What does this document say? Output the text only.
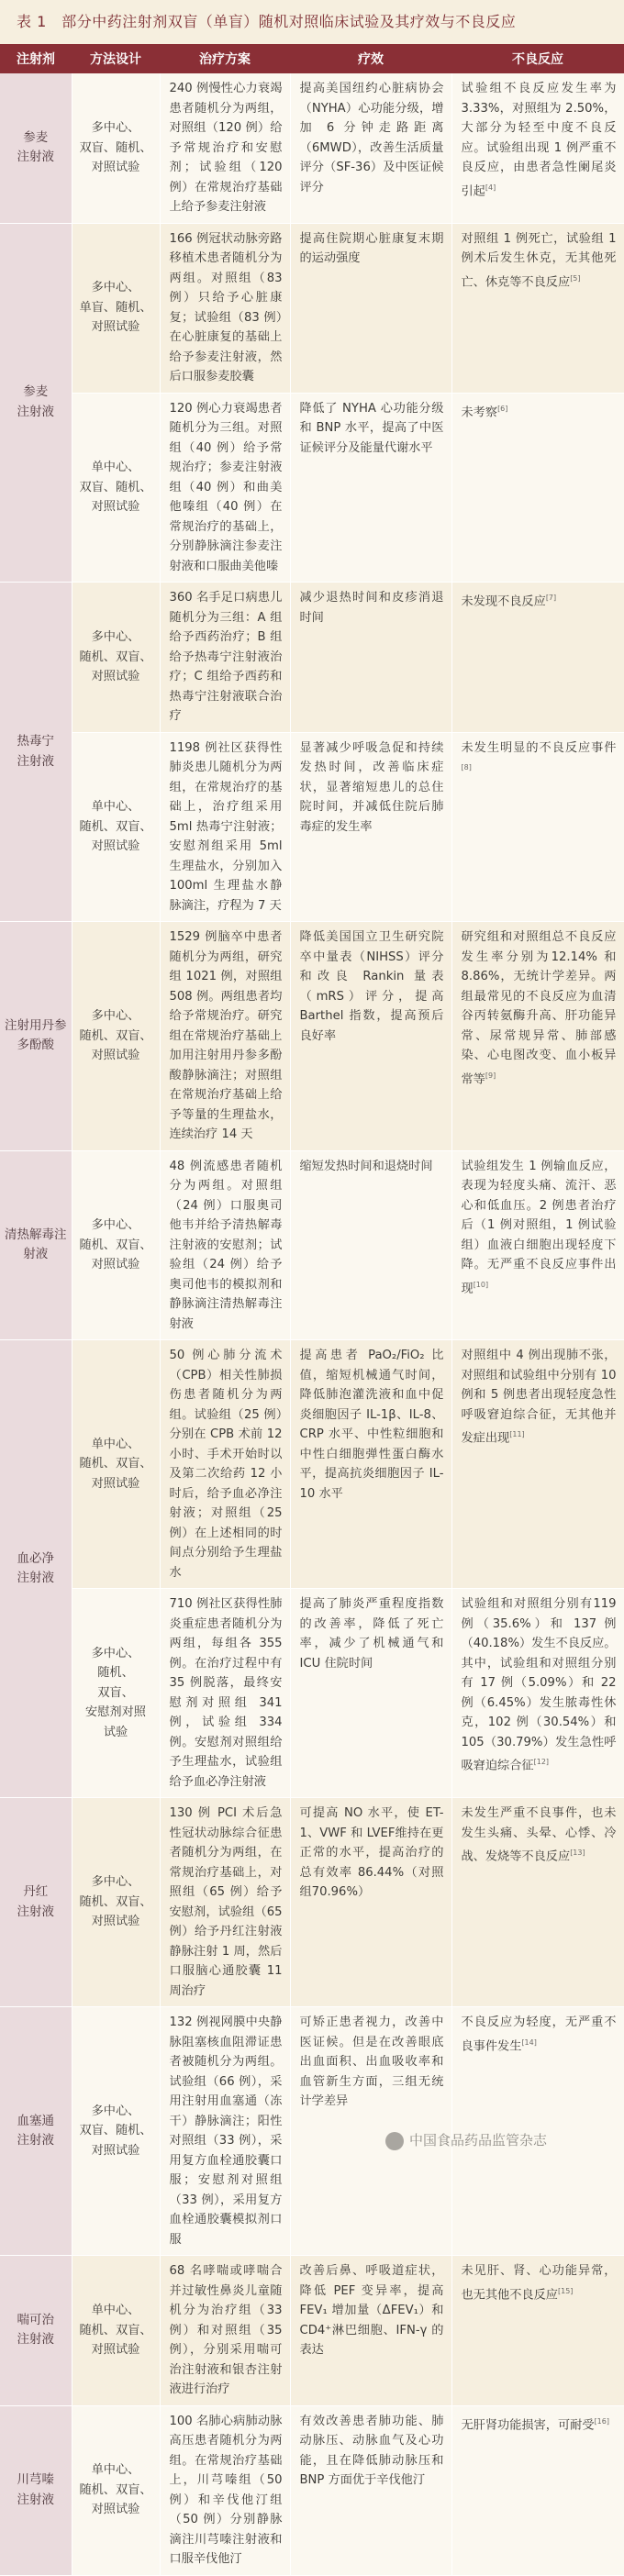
表 1　部分中药注射剂双盲（单盲）随机对照临床试验及其疗效与不良反应
注射剂	方法设计	治疗方案	疗效	不良反应
参麦
注射液	多中心、
双盲、随机、
对照试验	240 例慢性心力衰竭患者随机分为两组，对照组（120 例）给予常规治疗和安慰剂；试验组（120 例）在常规治疗基础上给予参麦注射液	提高美国纽约心脏病协会（NYHA）心功能分级，增加 6 分钟走路距离（6MWD），改善生活质量评分（SF-36）及中医证候评分	试验组不良反应发生率为 3.33%，对照组为 2.50%，大部分为轻至中度不良反应。试验组出现 1 例严重不良反应，由患者急性阑尾炎引起[4]
参麦
注射液	多中心、
单盲、随机、
对照试验	166 例冠状动脉旁路移植术患者随机分为两组。对照组（83 例）只给予心脏康复；试验组（83 例）在心脏康复的基础上给予参麦注射液，然后口服参麦胶囊	提高住院期心脏康复末期的运动强度	对照组 1 例死亡，试验组 1 例术后发生休克，无其他死亡、休克等不良反应[5]
	单中心、
双盲、随机、
对照试验	120 例心力衰竭患者随机分为三组。对照组（40 例）给予常规治疗；参麦注射液组（40 例）和曲美他嗪组（40 例）在常规治疗的基础上，分别静脉滴注参麦注射液和口服曲美他嗪	降低了 NYHA 心功能分级和 BNP 水平，提高了中医证候评分及能量代谢水平	未考察[6]
热毒宁
注射液	多中心、
随机、双盲、
对照试验	360 名手足口病患儿随机分为三组：A 组给予西药治疗；B 组给予热毒宁注射液治疗；C 组给予西药和热毒宁注射液联合治疗	减少退热时间和皮疹消退时间	未发现不良反应[7]
	单中心、
随机、双盲、
对照试验	1198 例社区获得性肺炎患儿随机分为两组，在常规治疗的基础上，治疗组采用 5ml 热毒宁注射液；安慰剂组采用 5ml 生理盐水，分别加入 100ml 生理盐水静脉滴注，疗程为 7 天	显著减少呼吸急促和持续发热时间，改善临床症状，显著缩短患儿的总住院时间，并减低住院后肺毒症的发生率	未发生明显的不良反应事件[8]
注射用丹参
多酚酸	多中心、
随机、双盲、
对照试验	1529 例脑卒中患者随机分为两组，研究组 1021 例，对照组 508 例。两组患者均给予常规治疗。研究组在常规治疗基础上加用注射用丹参多酚酸静脉滴注；对照组在常规治疗基础上给予等量的生理盐水，连续治疗 14 天	降低美国国立卫生研究院卒中量表（NIHSS）评分和改良 Rankin 量表（mRS）评分，提高Barthel 指数，提高预后良好率	研究组和对照组总不良反应发生率分别为12.14% 和 8.86%，无统计学差异。两组最常见的不良反应为血清谷丙转氨酶升高、肝功能异常、尿常规异常、肺部感染、心电图改变、血小板异常等[9]
清热解毒注
射液	多中心、
随机、双盲、
对照试验	48 例流感患者随机分为两组。对照组（24 例）口服奥司他韦并给予清热解毒注射液的安慰剂；试验组（24 例）给予奥司他韦的模拟剂和静脉滴注清热解毒注射液	缩短发热时间和退烧时间	试验组发生 1 例输血反应，表现为轻度头痛、流汗、恶心和低血压。2 例患者治疗后（1 例对照组，1 例试验组）血液白细胞出现轻度下降。无严重不良反应事件出现[10]
血必净
注射液	单中心、
随机、双盲、
对照试验	50 例心肺分流术（CPB）相关性肺损伤患者随机分为两组。试验组（25 例）分别在 CPB 术前 12 小时、手术开始时以及第二次给药 12 小时后，给予血必净注射液；对照组（25 例）在上述相同的时间点分别给予生理盐水	提高患者 PaO₂/FiO₂ 比值，缩短机械通气时间，降低肺泡灌洗液和血中促炎细胞因子 IL-1β、IL-8、CRP 水平、中性粒细胞和中性白细胞弹性蛋白酶水平，提高抗炎细胞因子 IL-10 水平	对照组中 4 例出现肺不张，对照组和试验组中分别有 10 例和 5 例患者出现轻度急性呼吸窘迫综合征，无其他并发症出现[11]
	多中心、
随机、
双盲、
安慰剂对照
试验	710 例社区获得性肺炎重症患者随机分为两组，每组各 355 例。在治疗过程中有 35 例脱落，最终安慰剂对照组 341 例，试验组 334 例。安慰剂对照组给予生理盐水，试验组给予血必净注射液	提高了肺炎严重程度指数的改善率，降低了死亡率，减少了机械通气和 ICU 住院时间	试验组和对照组分别有119 例（35.6%）和 137 例（40.18%）发生不良反应。其中，试验组和对照组分别有 17 例（5.09%）和 22 例（6.45%）发生脓毒性休克，102 例（30.54%）和 105（30.79%）发生急性呼吸窘迫综合征[12]
丹红
注射液	多中心、
随机、双盲、
对照试验	130 例 PCI 术后急性冠状动脉综合征患者随机分为两组，在常规治疗基础上，对照组（65 例）给予安慰剂，试验组（65 例）给予丹红注射液静脉注射 1 周，然后口服脑心通胶囊 11 周治疗	可提高 NO 水平，使 ET-1、VWF 和 LVEF维持在更正常的水平，提高治疗的总有效率 86.44%（对照组70.96%）	未发生严重不良事件，也未发生头痛、头晕、心悸、冷战、发烧等不良反应[13]
血塞通
注射液	多中心、
双盲、随机、
对照试验	132 例视网膜中央静脉阻塞核血阻滞证患者被随机分为两组。试验组（66 例），采用注射用血塞通（冻干）静脉滴注；阳性对照组（33 例），采用复方血栓通胶囊口服；安慰剂对照组（33 例），采用复方血栓通胶囊模拟剂口服	可矫正患者视力，改善中医证候。但是在改善眼底出血面积、出血吸收率和血管新生方面，三组无统计学差异	不良反应为轻度，无严重不良事件发生[14]
喘可治
注射液	单中心、
随机、双盲、
对照试验	68 名哮喘或哮喘合并过敏性鼻炎儿童随机分为治疗组（33 例）和对照组（35 例），分别采用喘可治注射液和银杏注射液进行治疗	改善后鼻、呼吸道症状，降低 PEF 变异率，提高 FEV₁ 增加量（ΔFEV₁）和 CD4⁺淋巴细胞、IFN-γ 的表达	未见肝、肾、心功能异常，也无其他不良反应[15]
川芎嗪
注射液	单中心、
随机、双盲、
对照试验	100 名肺心病肺动脉高压患者随机分为两组。在常规治疗基础上，川芎嗪组（50 例）和辛伐他汀组（50 例）分别静脉滴注川芎嗪注射液和口服辛伐他汀	有效改善患者肺功能、肺动脉压、动脉血气及心功能，且在降低肺动脉压和 BNP 方面优于辛伐他汀	无肝肾功能损害，可耐受[16]
中国食品药品监管杂志
